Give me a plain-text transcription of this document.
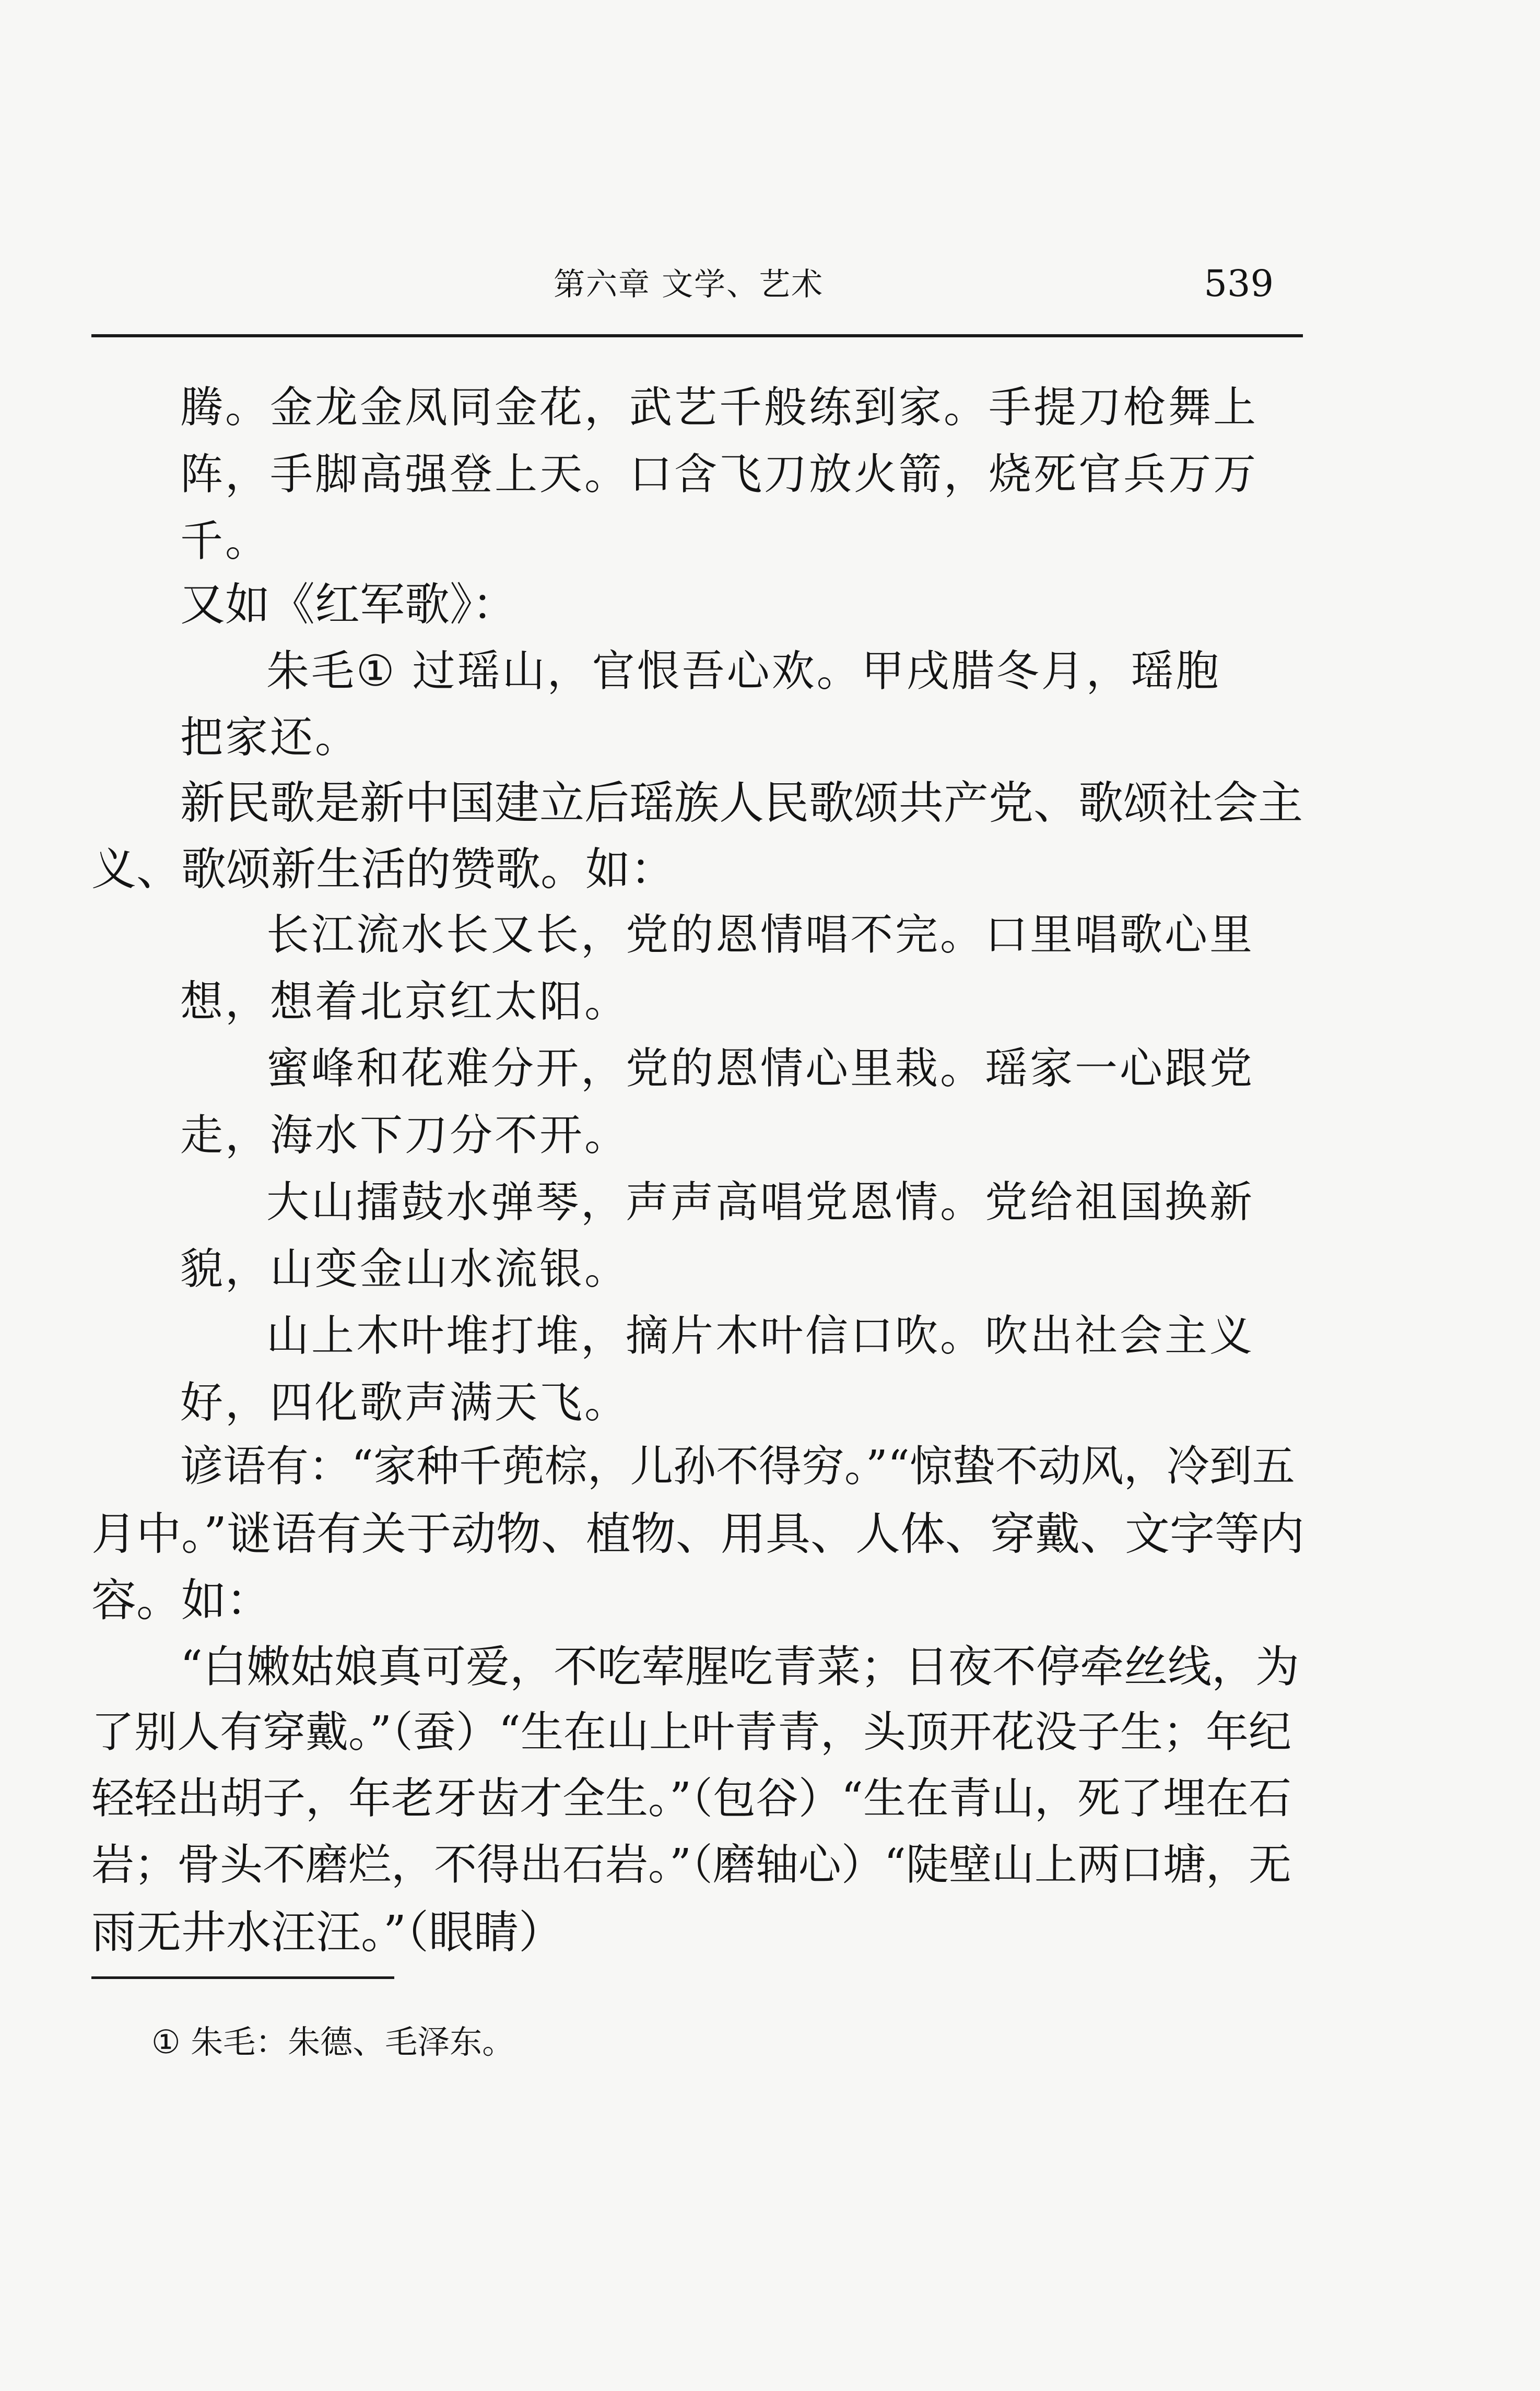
第六章 文学、艺术	539
腾。金龙金凤同金花，武艺千般练到家。手提刀枪舞上
阵，手脚高强登上天。口含飞刀放火箭，烧死官兵万万
千。
又如《红军歌》：
朱毛① 过瑶山，官恨吾心欢。甲戌腊冬月，瑶胞
把家还。
新民歌是新中国建立后瑶族人民歌颂共产党、歌颂社会主
义、歌颂新生活的赞歌。如：
长江流水长又长，党的恩情唱不完。口里唱歌心里
想，想着北京红太阳。
蜜峰和花难分开，党的恩情心里栽。瑶家一心跟党
走，海水下刀分不开。
大山擂鼓水弹琴，声声高唱党恩情。党给祖国换新
貌，山变金山水流银。
山上木叶堆打堆，摘片木叶信口吹。吹出社会主义
好，四化歌声满天飞。
谚语有：“家种千蔸棕，儿孙不得穷。”“惊蛰不动风，冷到五
月中。”谜语有关于动物、植物、用具、人体、穿戴、文字等内
容。如：
“白嫩姑娘真可爱，不吃荤腥吃青菜；日夜不停牵丝线，为
了别人有穿戴。”（蚕）“生在山上叶青青，头顶开花没子生；年纪
轻轻出胡子，年老牙齿才全生。”（包谷）“生在青山，死了埋在石
岩；骨头不磨烂，不得出石岩。”（磨轴心）“陡壁山上两口塘，无
雨无井水汪汪。”（眼睛）
① 朱毛：朱德、毛泽东。
